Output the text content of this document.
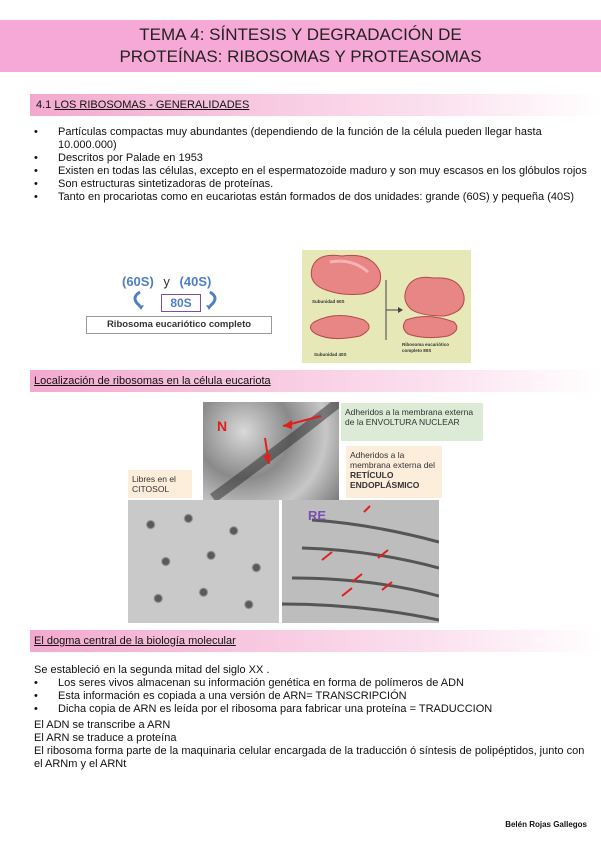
TEMA 4: SÍNTESIS Y DEGRADACIÓN DE
PROTEÍNAS: RIBOSOMAS Y PROTEASOMAS
4.1 LOS RIBOSOMAS - GENERALIDADES
• Partículas compactas muy abundantes (dependiendo de la función de la célula pueden llegar hasta 10.000.000)
• Descritos por Palade en 1953
• Existen en todas las células, excepto en el espermatozoide maduro y son muy escasos en los glóbulos rojos
• Son estructuras sintetizadoras de proteínas.
• Tanto en procariotas como en eucariotas están formados de dos unidades: grande (60S) y pequeña (40S)
(60S) y (40S)
80S
Ribosoma eucariótico completo
Subunidad 60S
Subunidad 40S
Ribosoma eucariótico completo 80S
Localización de ribosomas en la célula eucariota
N
Adheridos a la membrana externa de la ENVOLTURA NUCLEAR
Adheridos a la membrana externa del RETÍCULO ENDOPLÁSMICO
Libres en el CITOSOL
RE
El dogma central de la biología molecular
Se estableció en la segunda mitad del siglo XX .
• Los seres vivos almacenan su información genética en forma de polímeros de ADN
• Esta información es copiada a una versión de ARN= TRANSCRIPCIÓN
• Dicha copia de ARN es leída por el ribosoma para fabricar una proteína = TRADUCCION
El ADN se transcribe a ARN
El ARN se traduce a proteína
El ribosoma forma parte de la maquinaria celular encargada de la traducción ó síntesis de polipéptidos, junto con el ARNm y el ARNt
Belén Rojas Gallegos
